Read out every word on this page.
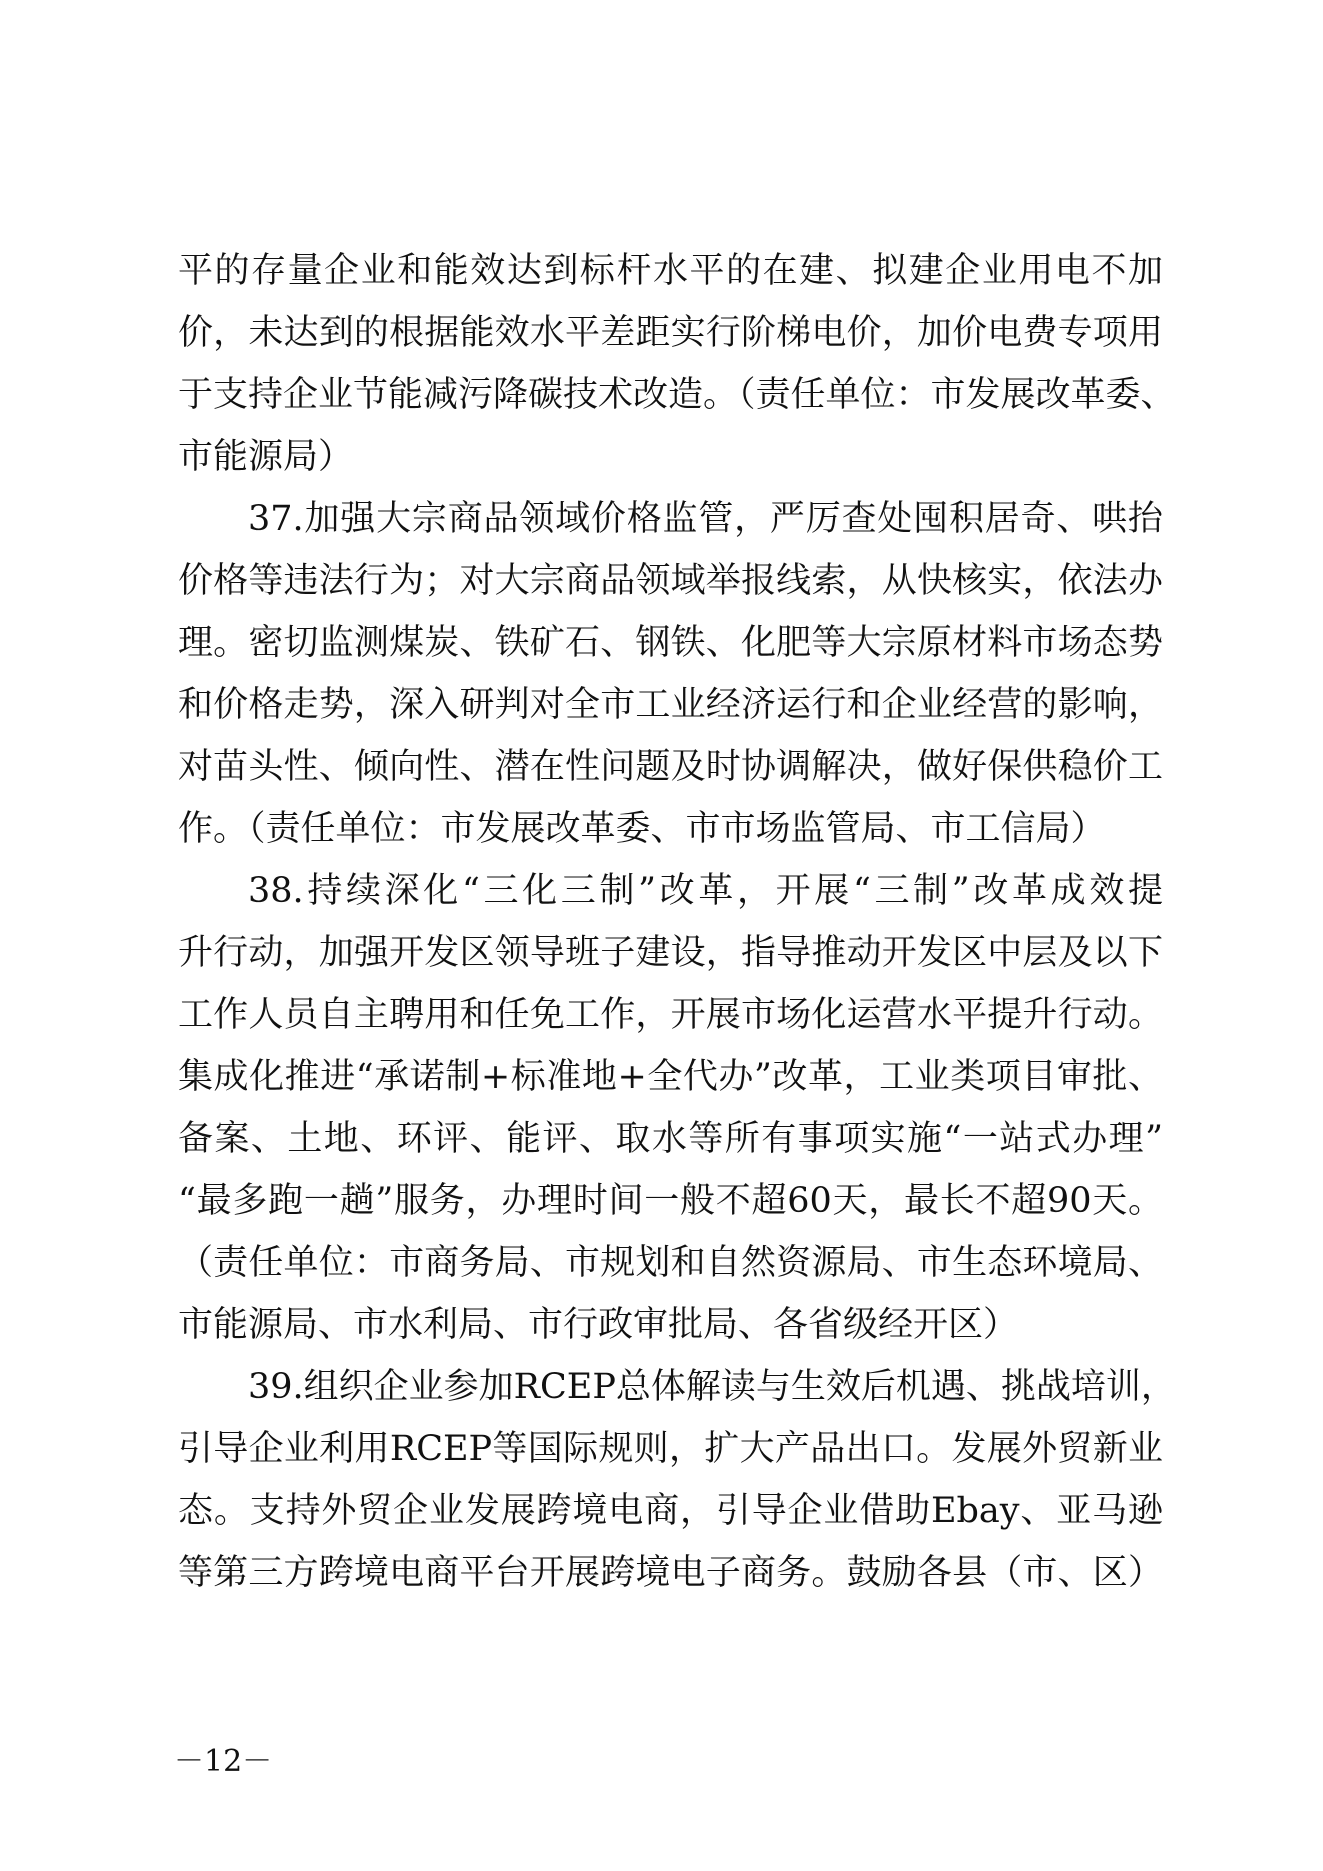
平的存量企业和能效达到标杆水平的在建、拟建企业用电不加
价，未达到的根据能效水平差距实行阶梯电价，加价电费专项用
于支持企业节能减污降碳技术改造。（责任单位：市发展改革委、
市能源局）
37.加强大宗商品领域价格监管，严厉查处囤积居奇、哄抬
价格等违法行为；对大宗商品领域举报线索，从快核实，依法办
理。密切监测煤炭、铁矿石、钢铁、化肥等大宗原材料市场态势
和价格走势，深入研判对全市工业经济运行和企业经营的影响，
对苗头性、倾向性、潜在性问题及时协调解决，做好保供稳价工
作。（责任单位：市发展改革委、市市场监管局、市工信局）
38.持续深化“三化三制”改革，开展“三制”改革成效提
升行动，加强开发区领导班子建设，指导推动开发区中层及以下
工作人员自主聘用和任免工作，开展市场化运营水平提升行动。
集成化推进“承诺制+标准地+全代办”改革，工业类项目审批、
备案、土地、环评、能评、取水等所有事项实施“一站式办理”
“最多跑一趟”服务，办理时间一般不超60天，最长不超90天。
（责任单位：市商务局、市规划和自然资源局、市生态环境局、
市能源局、市水利局、市行政审批局、各省级经开区）
39.组织企业参加RCEP总体解读与生效后机遇、挑战培训，
引导企业利用RCEP等国际规则，扩大产品出口。发展外贸新业
态。支持外贸企业发展跨境电商，引导企业借助Ebay、亚马逊
等第三方跨境电商平台开展跨境电子商务。鼓励各县（市、区）
－12－
